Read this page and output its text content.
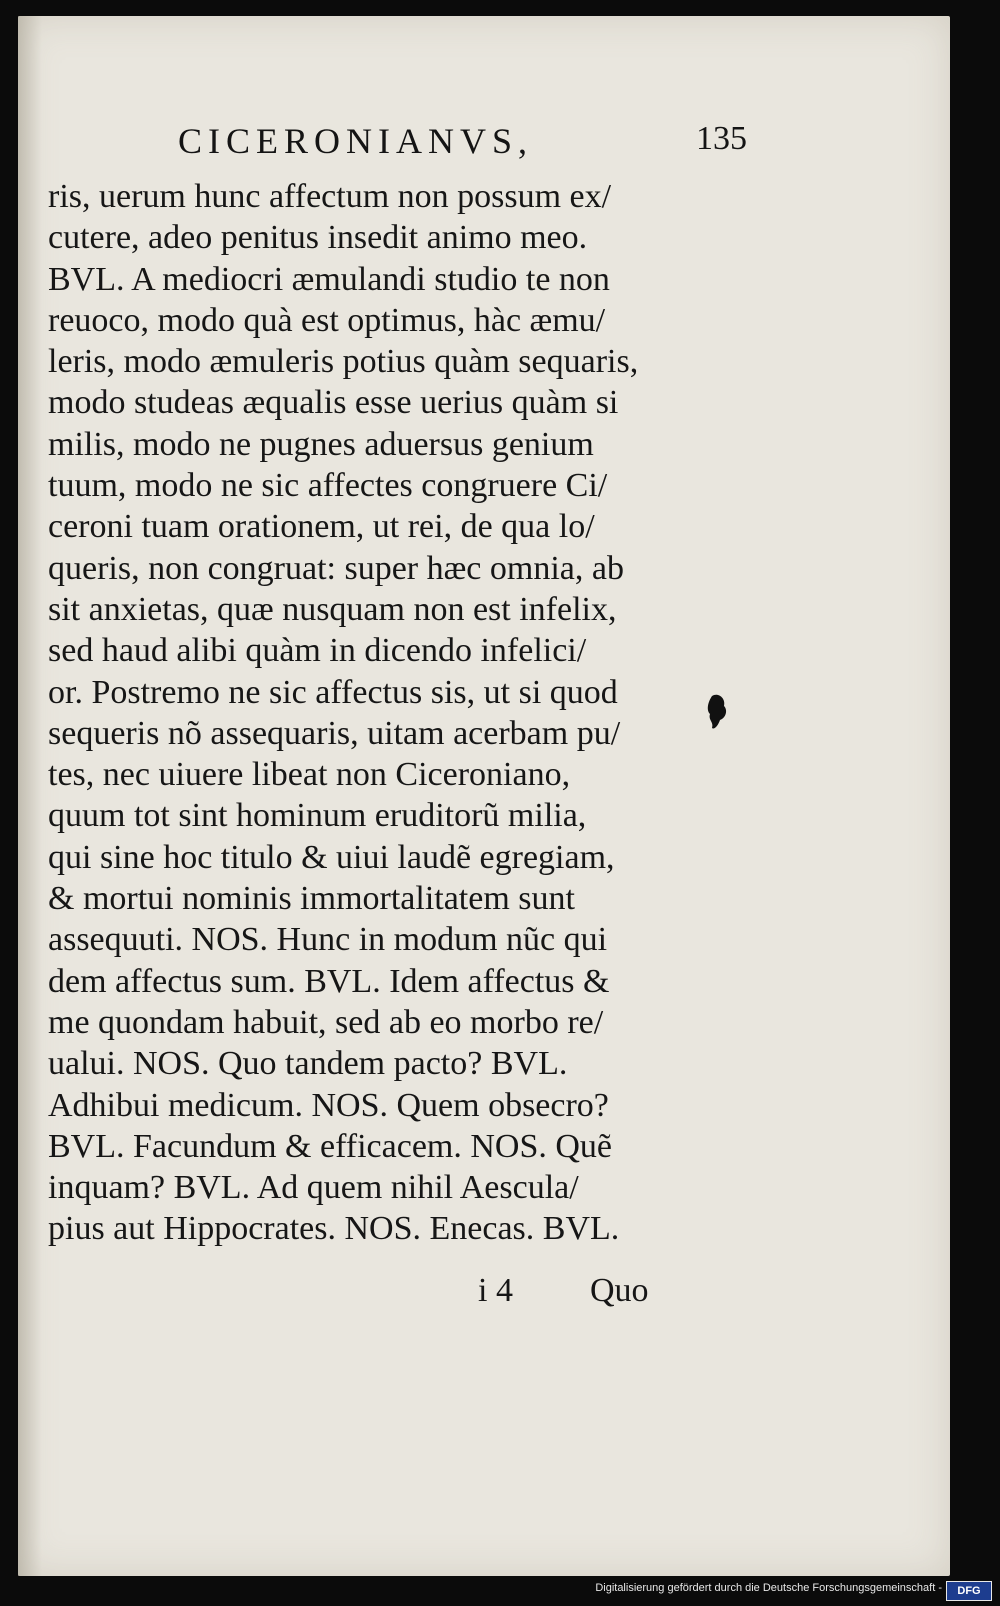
CICERONIANVS,	135
ris, uerum hunc affectum non possum ex/
cutere, adeo penitus insedit animo meo.
BVL. A mediocri æmulandi studio te non
reuoco, modo quà est optimus, hàc æmu/
leris, modo æmuleris potius quàm sequaris,
modo studeas æqualis esse uerius quàm si
milis, modo ne pugnes aduersus genium
tuum, modo ne sic affectes congruere Ci/
ceroni tuam orationem, ut rei, de qua lo/
queris, non congruat: super hæc omnia, ab
sit anxietas, quæ nusquam non est infelix,
sed haud alibi quàm in dicendo infelici/
or. Postremo ne sic affectus sis, ut si quod
sequeris nõ assequaris, uitam acerbam pu/
tes, nec uiuere libeat non Ciceroniano,
quum tot sint hominum eruditorũ milia,
qui sine hoc titulo & uiui laudẽ egregiam,
& mortui nominis immortalitatem sunt
assequuti. NOS. Hunc in modum nũc qui
dem affectus sum. BVL. Idem affectus &
me quondam habuit, sed ab eo morbo re/
ualui. NOS. Quo tandem pacto? BVL.
Adhibui medicum. NOS. Quem obsecro?
BVL. Facundum & efficacem. NOS. Quẽ
inquam? BVL. Ad quem nihil Aescula/
pius aut Hippocrates. NOS. Enecas. BVL.
i 4 Quo
Digitalisierung gefördert durch die Deutsche Forschungsgemeinschaft -	DFG
